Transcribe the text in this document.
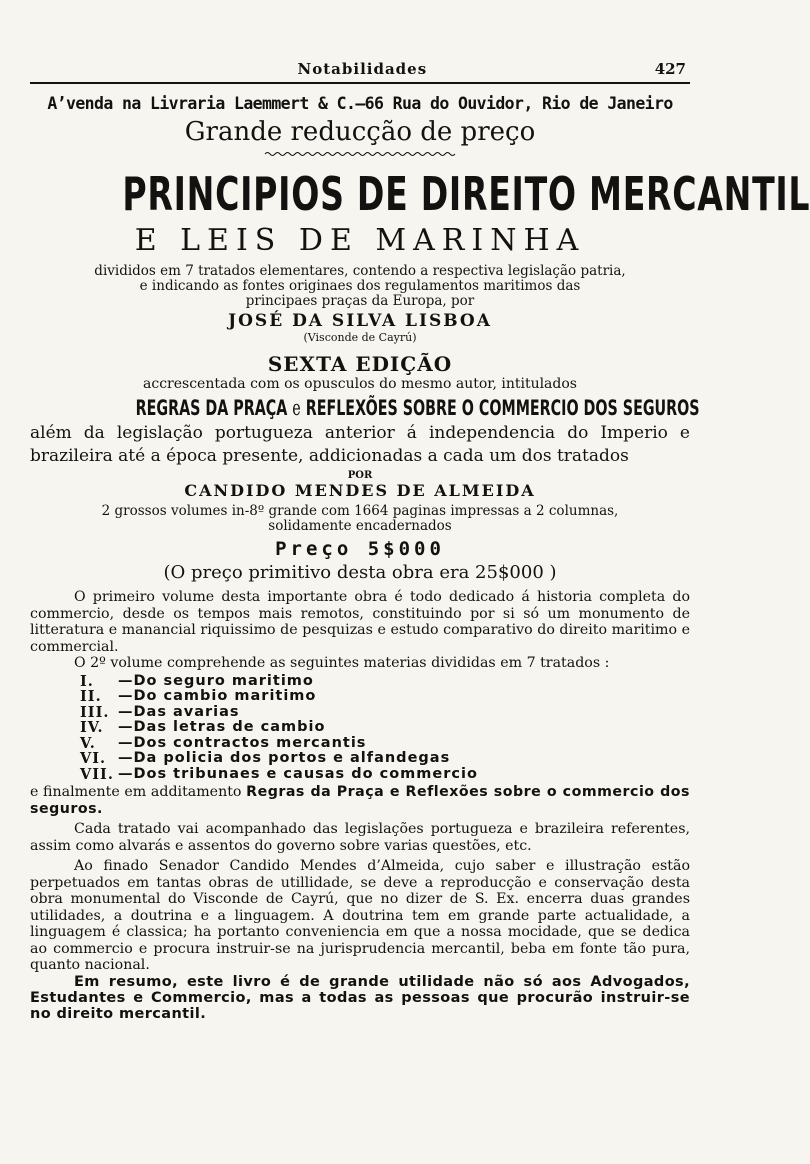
Notabilidades	427
A’venda na Livraria Laemmert & C.—66 Rua do Ouvidor, Rio de Janeiro
Grande reducção de preço
PRINCIPIOS DE DIREITO MERCANTIL
E LEIS DE MARINHA
divididos em 7 tratados elementares, contendo a respectiva legislação patria,
e indicando as fontes originaes dos regulamentos maritimos das
principaes praças da Europa, por
JOSÉ DA SILVA LISBOA
(Visconde de Cayrú)
SEXTA EDIÇÃO
accrescentada com os opusculos do mesmo autor, intitulados
REGRAS DA PRAÇA e REFLEXÕES SOBRE O COMMERCIO DOS SEGUROS
além da legislação portugueza anterior á independencia do Imperio e brazileira até a época presente, addicionadas a cada um dos tratados
POR
CANDIDO MENDES DE ALMEIDA
2 grossos volumes in-8º grande com 1664 paginas impressas a 2 columnas,
solidamente encadernados
Preço 5$000
(O preço primitivo desta obra era 25$000 )
O primeiro volume desta importante obra é todo dedicado á historia completa do commercio, desde os tempos mais remotos, constituindo por si só um monumento de litteratura e manancial riquissimo de pesquizas e estudo comparativo do direito maritimo e commercial.
O 2º volume comprehende as seguintes materias divididas em 7 tratados :
I.	—Do seguro maritimo
II.	—Do cambio maritimo
III. —Das avarias
IV. —Das letras de cambio
V.	—Dos contractos mercantis
VI. —Da policia dos portos e alfandegas
VII. —Dos tribunaes e causas do commercio
e finalmente em additamento Regras da Praça e Reflexões sobre o commercio dos seguros.
Cada tratado vai acompanhado das legislações portugueza e brazileira referentes, assim como alvarás e assentos do governo sobre varias questões, etc.
Ao finado Senador Candido Mendes d’Almeida, cujo saber e illustração estão perpetuados em tantas obras de utillidade, se deve a reproducção e conservação desta obra monumental do Visconde de Cayrú, que no dizer de S. Ex. encerra duas grandes utilidades, a doutrina e a linguagem. A doutrina tem em grande parte actualidade, a linguagem é classica; ha portanto conveniencia em que a nossa mocidade, que se dedica ao commercio e procura instruir-se na jurisprudencia mercantil, beba em fonte tão pura, quanto nacional.
Em resumo, este livro é de grande utilidade não só aos Advogados, Estudantes e Commercio, mas a todas as pessoas que procurão instruir-se no direito mercantil.
